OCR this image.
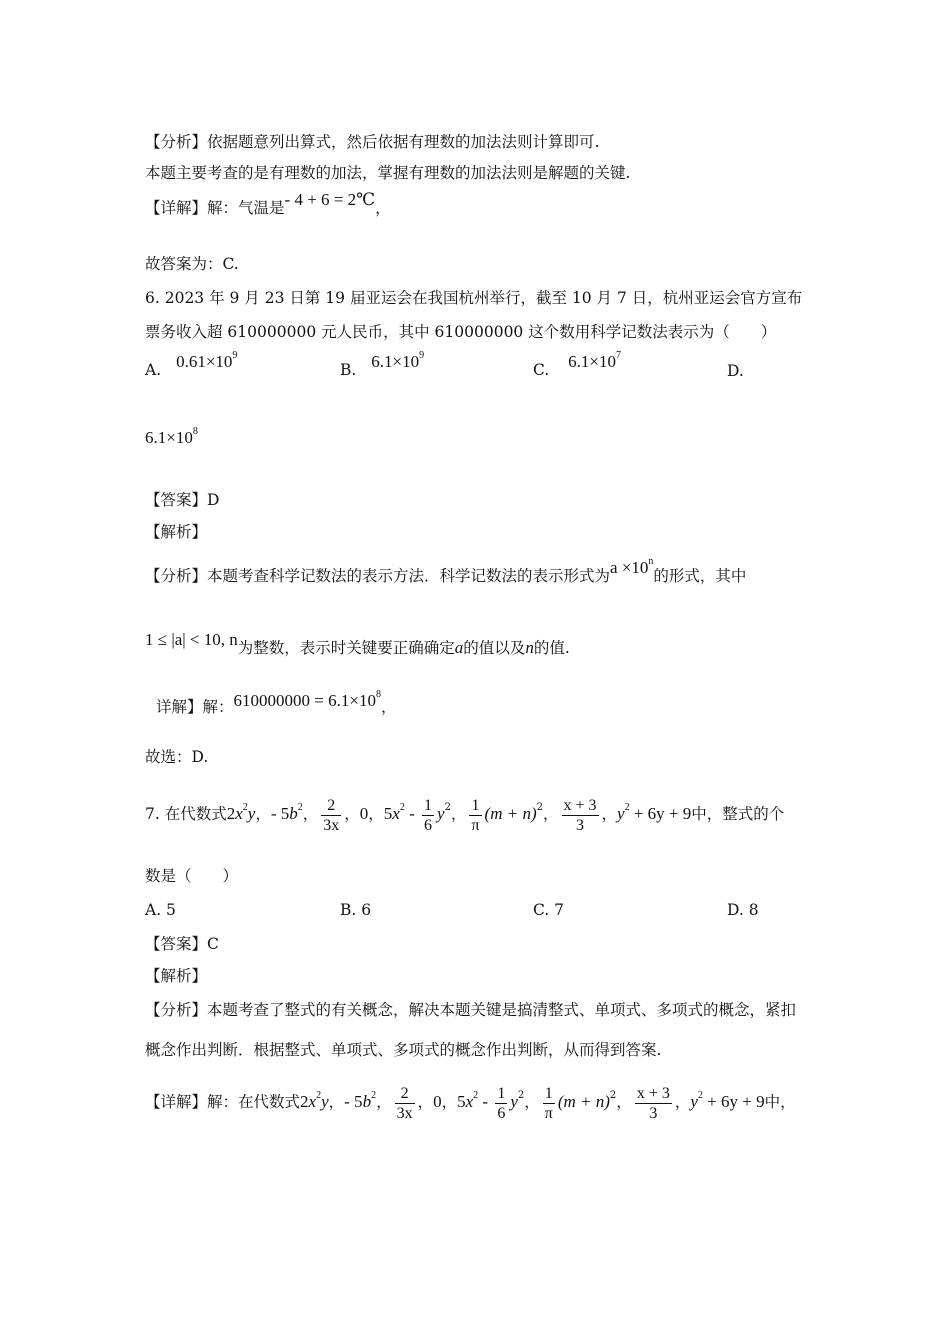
【分析】依据题意列出算式，然后依据有理数的加法法则计算即可.
本题主要考查的是有理数的加法，掌握有理数的加法法则是解题的关键.
【详解】解：气温是- 4 + 6 = 2℃，
故答案为：C.
6. 2023 年 9 月 23 日第 19 届亚运会在我国杭州举行，截至 10 月 7 日，杭州亚运会官方宣布
票务收入超 610000000 元人民币，其中 610000000 这个数用科学记数法表示为（　　）
A. $0.61\times 10^9$
B. $6.1\times 10^9$
C. $6.1\times 10^7$
D.
$6.1\times 10^8$
【答案】D
【解析】
【分析】本题考查科学记数法的表示方法．科学记数法的表示形式为$a \times 10^n$的形式，其中
1 ≤ |a| < 10, n为整数，表示时关键要正确确定a的值以及n的值.
详解】解：$610000000 = 6.1\times 10^8$，
故选：D.
7. 在代数式$2x^2y$，- $5b^2$， $\frac{2}{3x}$ ，0，$5x^2 - \frac{1}{6} y^2$， $\frac{1}{\pi} (m + n)^2$， $\frac{x + 3}{3}$ ，$y^2 + 6y + 9$中，整式的个
数是（　　）
A. 5	B. 6	C. 7	D. 8
【答案】C
【解析】
【分析】本题考查了整式的有关概念，解决本题关键是搞清整式、单项式、多项式的概念，紧扣
概念作出判断．根据整式、单项式、多项式的概念作出判断，从而得到答案.
【详解】解：在代数式$2x^2y$，- $5b^2$， $\frac{2}{3x}$ ，0，$5x^2 - \frac{1}{6} y^2$， $\frac{1}{\pi} (m + n)^2$， $\frac{x + 3}{3}$ ，$y^2 + 6y + 9$中，
